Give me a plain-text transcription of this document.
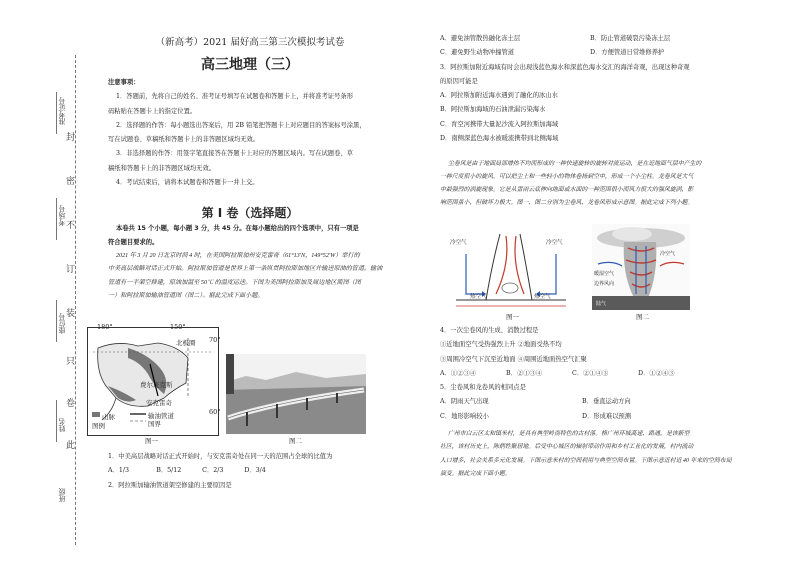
准考证号
考场号
座位号
姓名
班级
此
卷
只
装
订
不
密
封
（新高考）2021 届好高三第三次模拟考试卷
高三地理（三）
注意事项：
1．答题前，先将自己的姓名、准考证号填写在试题卷和答题卡上，并将准考证号条形
码粘贴在答题卡上的指定位置。
2．选择题的作答：每小题选出答案后，用 2B 铅笔把答题卡上对应题目的答案标号涂黑，
写在试题卷、草稿纸和答题卡上的非答题区域均无效。
3．非选择题的作答：用签字笔直接答在答题卡上对应的答题区域内。写在试题卷、草
稿纸和答题卡上的非答题区域均无效。
4．考试结束后，请将本试题卷和答题卡一并上交。
第 Ⅰ 卷（选择题）
本卷共 15 个小题，每小题 3 分，共 45 分。在每小题给出的四个选项中，只有一项是
符合题目要求的。
2021 年 3 月 20 日北京时间 4 时，在美国阿拉斯加州安克雷奇（61°13′N，149°52′W）举行的
中美高层战略对话正式开始。阿拉斯加管道是世界上第一条纵贯阿拉斯加地区并输送原油的管道。输油
管道有一半架空修建，原油加温至 50℃ 的温度运送。下图为美国阿拉斯加及周边地区简图（图
一）和阿拉斯加输油管道图（图二）。据此完成下面小题。
180°	150°
70°
60°
北极圈
费尔班克斯
安克雷奇
图例
山脉	输油管道
国界
图一	图二
1．中美高层战略对话正式开始时，与安克雷奇处在同一天的范围占全球的比值为
A．1/3　　　　	B．5/12　　　	C．2/3　　　	D．3/4
2．阿拉斯加输油管道架空修建的主要原因是
A．避免油管散热融化冻土层	B．防止管道破裂污染冻土层
C．避免野生动物冲撞管道	D．方便管道日常维修养护
3．阿拉斯加附近海域有时会出现浅蓝色海水和深蓝色海水交汇的海洋奇观，出现这种奇观
的原因可能是
A．阿拉斯加附近海水遇到了融化的冰山水
B．阿拉斯加海域的石油泄漏污染海水
C．育空河携带大量泥沙流入阿拉斯加海域
D．南侧深蓝色海水被暖流携带到北侧海域
尘卷风是由于地面局部增热不均而形成的一种快速旋转的旋转对流运动，是在近地面气层中产生的
一种尺度很小的旋风。可以把尘土和一些轻小的物体卷扬到空中，形成一个小尘柱。龙卷风是大气
中最强烈的涡旋现象。它是从雷雨云底伸向地面或水面的一种范围很小而风力很大的强风旋涡，影
响范围虽小，但破坏力极大。图一、图二分别为尘卷风、龙卷风形成示意图。据此完成下列小题。
冷空气	冷空气
热空气	热空气
图一
冷空气
暖湿空气
边界风向
陆气
图二
4．一次尘卷风的生成、消散过程是
①近地面空气受热强烈上升 ②地面受热不均
③周围冷空气下沉至近地面 ④周围近地面热空气汇聚
A．①②③④	B．②①③④	C．②①④③	D．①②④③
5．尘卷风和龙卷风的相同点是
A．阴雨天气出现	B．垂直运动方向
C．地形影响较小	D．形成难以预测
广州市白云区太和镇米村，是具有典型岭南特色的古村落。格广州环城高速、路通，是该新型
社区，该村历史上，陈炳姓聚居地。后受中心城区的辐射带动作用和乡村工业化的发展，村内流动
人口增多，社会关系多元化发展。下图示意米村的空间利用与典型空间布置。下图示意近村近 40 年来的空间布局
演变。据此完成下面小题。
